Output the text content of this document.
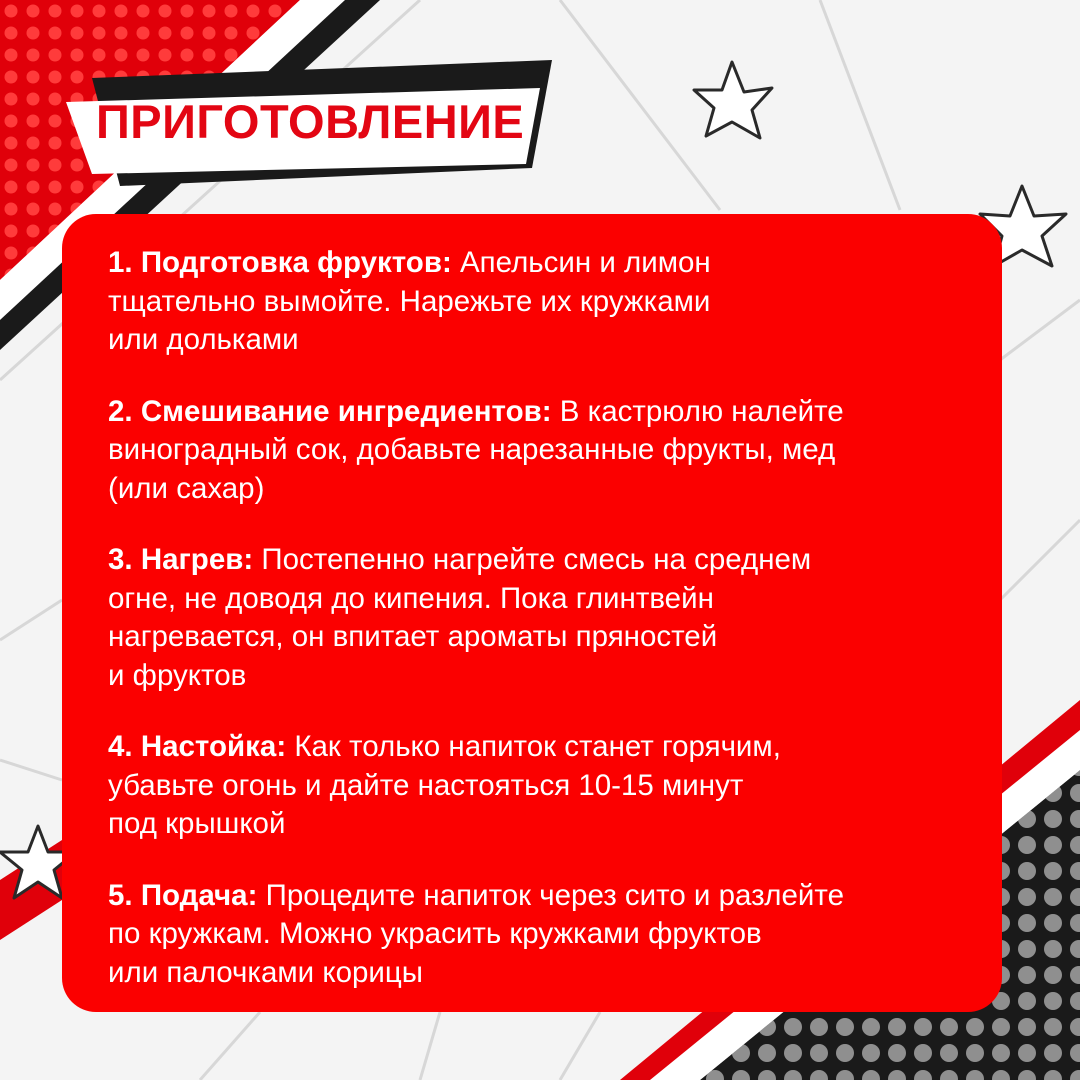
ПРИГОТОВЛЕНИЕ
1. Подготовка фруктов: Апельсин и лимон
тщательно вымойте. Нарежьте их кружками
или дольками
2. Смешивание ингредиентов: В кастрюлю налейте
виноградный сок, добавьте нарезанные фрукты, мед
(или сахар)
3. Нагрев: Постепенно нагрейте смесь на среднем
огне, не доводя до кипения. Пока глинтвейн
нагревается, он впитает ароматы пряностей
и фруктов
4. Настойка: Как только напиток станет горячим,
убавьте огонь и дайте настояться 10-15 минут
под крышкой
5. Подача: Процедите напиток через сито и разлейте
по кружкам. Можно украсить кружками фруктов
или палочками корицы
